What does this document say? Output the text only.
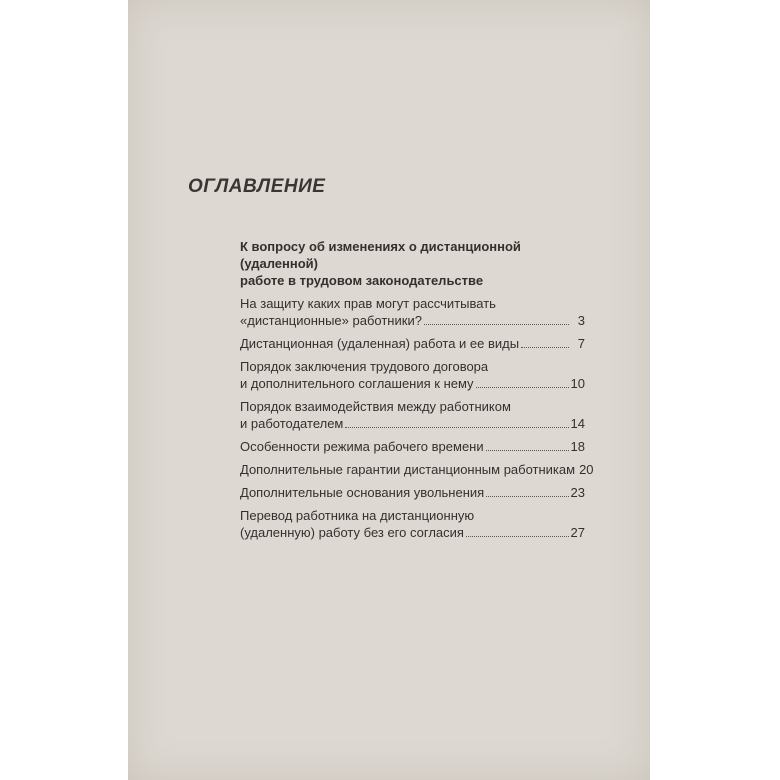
ОГЛАВЛЕНИЕ
К вопросу об изменениях о дистанционной (удаленной)
работе в трудовом законодательстве
На защиту каких прав могут рассчитывать
«дистанционные» работники?	3
Дистанционная (удаленная) работа и ее виды	7
Порядок заключения трудового договора
и дополнительного соглашения к нему	10
Порядок взаимодействия между работником
и работодателем	14
Особенности режима рабочего времени	18
Дополнительные гарантии дистанционным работникам 20
Дополнительные основания увольнения	23
Перевод работника на дистанционную
(удаленную) работу без его согласия	27
